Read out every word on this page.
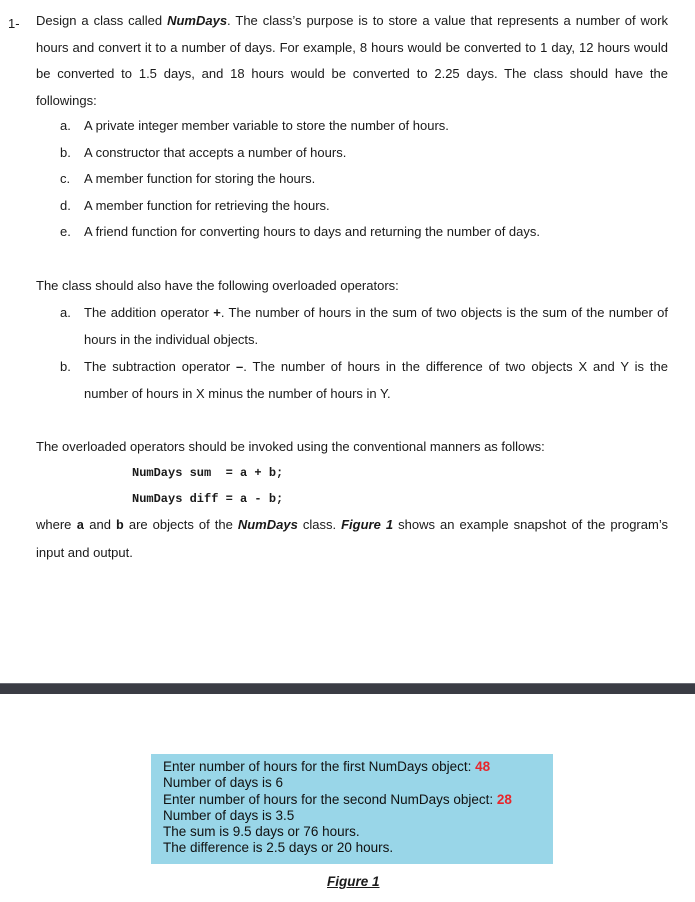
1- Design a class called NumDays. The class’s purpose is to store a value that represents a number of work hours and convert it to a number of days. For example, 8 hours would be converted to 1 day, 12 hours would be converted to 1.5 days, and 18 hours would be converted to 2.25 days. The class should have the followings:
a. A private integer member variable to store the number of hours.
b. A constructor that accepts a number of hours.
c. A member function for storing the hours.
d. A member function for retrieving the hours.
e. A friend function for converting hours to days and returning the number of days.
The class should also have the following overloaded operators:
a.	The addition operator +. The number of hours in the sum of two objects is the sum of the number of hours in the individual objects.
b.	The subtraction operator –. The number of hours in the difference of two objects X and Y is the number of hours in X minus the number of hours in Y.
The overloaded operators should be invoked using the conventional manners as follows:
NumDays sum  = a + b;
NumDays diff = a - b;
where a and b are objects of the NumDays class. Figure 1 shows an example snapshot of the program’s input and output.
Enter number of hours for the first NumDays object: 48
Number of days is 6
Enter number of hours for the second NumDays object: 28
Number of days is 3.5
The sum is 9.5 days or 76 hours.
The difference is 2.5 days or 20 hours.
Figure 1
